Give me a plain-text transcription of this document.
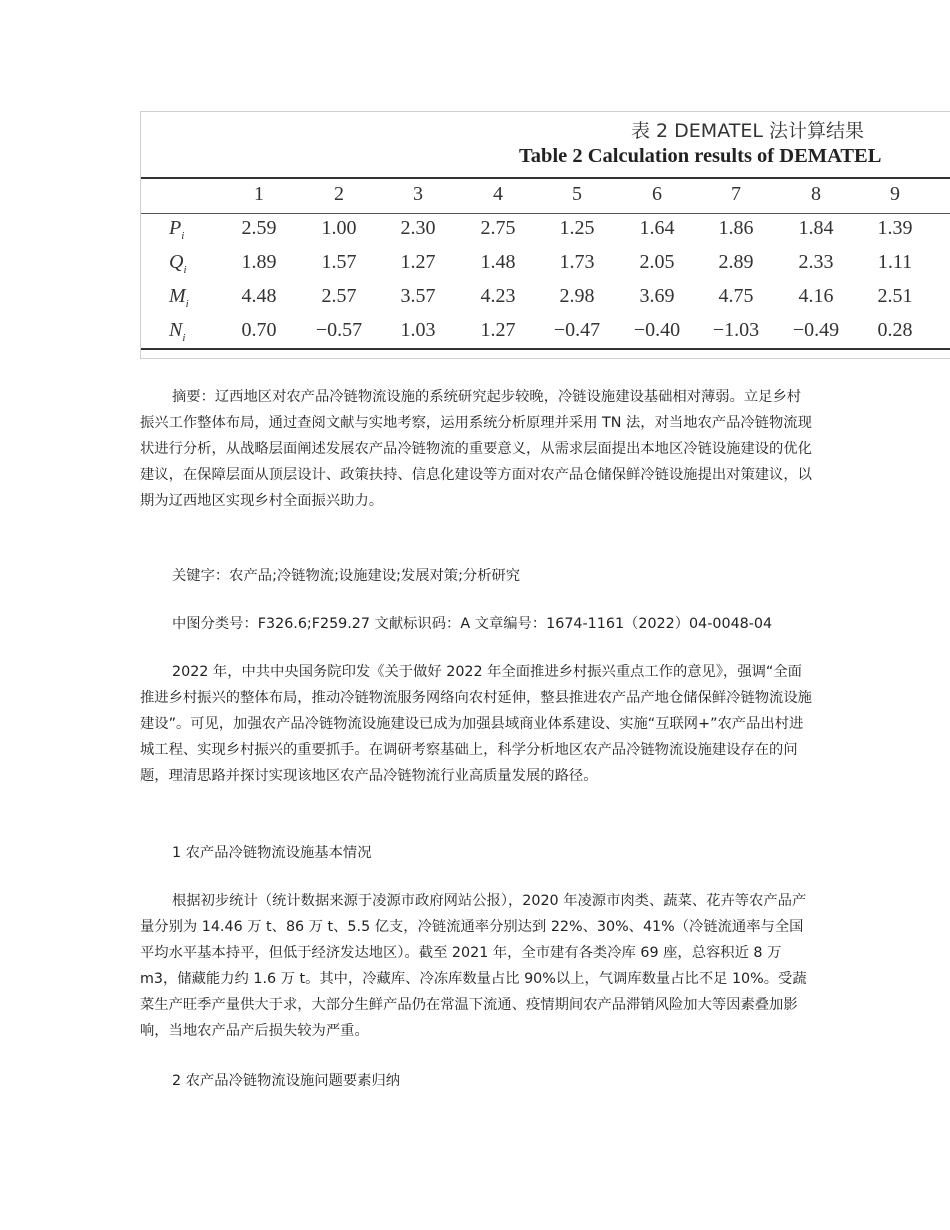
表 2 DEMATEL 法计算结果
Table 2 Calculation results of DEMATEL
1	2	3	4	5	6	7	8	9
$P_i$	2.59 1.00 2.30 2.75 1.25 1.64 1.86 1.84 1.39
$Q_i$	1.89 1.57 1.27 1.48 1.73 2.05 2.89 2.33 1.11
$M_i$	4.48 2.57 3.57 4.23 2.98 3.69 4.75 4.16 2.51
$N_i$	0.70 −0.57 1.03 1.27 −0.47 −0.40 −1.03 −0.49 0.28

摘要：辽西地区对农产品冷链物流设施的系统研究起步较晚，冷链设施建设基础相对薄弱。立足乡村振兴工作整体布局，通过查阅文献与实地考察，运用系统分析原理并采用 TN 法，对当地农产品冷链物流现状进行分析，从战略层面阐述发展农产品冷链物流的重要意义，从需求层面提出本地区冷链设施建设的优化建议，在保障层面从顶层设计、政策扶持、信息化建设等方面对农产品仓储保鲜冷链设施提出对策建议，以期为辽西地区实现乡村全面振兴助力。

关键字：农产品;冷链物流;设施建设;发展对策;分析研究

中图分类号：F326.6;F259.27 文献标识码：A 文章编号：1674-1161（2022）04-0048-04

2022 年，中共中央国务院印发《关于做好 2022 年全面推进乡村振兴重点工作的意见》，强调“全面推进乡村振兴的整体布局，推动冷链物流服务网络向农村延伸，整县推进农产品产地仓储保鲜冷链物流设施建设”。可见，加强农产品冷链物流设施建设已成为加强县域商业体系建设、实施“互联网+”农产品出村进城工程、实现乡村振兴的重要抓手。在调研考察基础上，科学分析地区农产品冷链物流设施建设存在的问题，理清思路并探讨实现该地区农产品冷链物流行业高质量发展的路径。

1 农产品冷链物流设施基本情况

根据初步统计（统计数据来源于凌源市政府网站公报），2020 年凌源市肉类、蔬菜、花卉等农产品产量分别为 14.46 万 t、86 万 t、5.5 亿支，冷链流通率分别达到 22%、30%、41%（冷链流通率与全国平均水平基本持平，但低于经济发达地区）。截至 2021 年，全市建有各类冷库 69 座，总容积近 8 万 m3，储藏能力约 1.6 万 t。其中，冷藏库、冷冻库数量占比 90%以上，气调库数量占比不足 10%。受蔬菜生产旺季产量供大于求，大部分生鲜产品仍在常温下流通、疫情期间农产品滞销风险加大等因素叠加影响，当地农产品产后损失较为严重。

2 农产品冷链物流设施问题要素归纳
